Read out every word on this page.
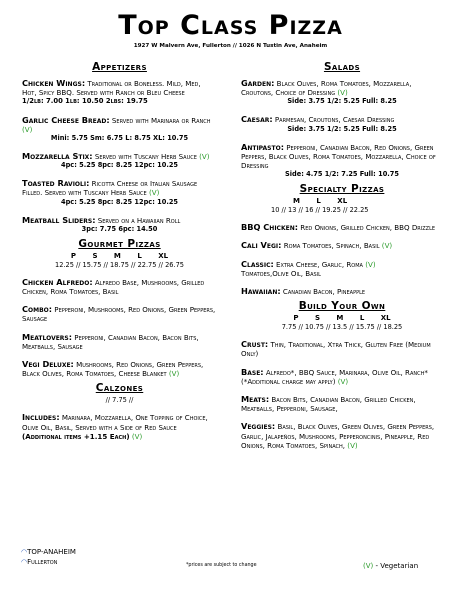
Top Class Pizza
1927 W Malvern Ave, Fullerton // 1026 N Tustin Ave, Anaheim
Appetizers
Chicken Wings: Traditional or Boneless. Mild, Med, Hot, Spicy BBQ. Served with Ranch or Bleu Cheese
1/2lb: 7.00 1lb: 10.50 2lbs: 19.75
Garlic Cheese Bread: Served with Marinara or Ranch (V)
Mini: 5.75 Sm: 6.75 L: 8.75 XL: 10.75
Mozzarella Stix: Served with Tuscany Herb Sauce (V)
4pc: 5.25 8pc: 8.25 12pc: 10.25
Toasted Ravioli: Ricotta Cheese or Italian Sausage Filled. Served with Tuscany Herb Sauce (V)
4pc: 5.25 8pc: 8.25 12pc: 10.25
Meatball Sliders: Served on a Hawaiian Roll
3pc: 7.75 6pc: 14.50
Gourmet Pizzas
P S M L XL
12.25 // 15.75 // 18.75 // 22.75 // 26.75
Chicken Alfredo: Alfredo Base, Mushrooms, Grilled Chicken, Roma Tomatoes, Basil
Combo: Pepperoni, Mushrooms, Red Onions, Green Peppers, Sausage
Meatlovers: Pepperoni, Canadian Bacon, Bacon Bits, Meatballs, Sausage
Vegi Deluxe: Mushrooms, Red Onions, Green Peppers, Black Olives, Roma Tomatoes, Cheese Blanket (V)
Calzones
// 7.75 //
Includes: Marinara, Mozzarella, One Topping of Choice, Olive Oil, Basil, Served with a Side of Red Sauce
(Additional items +1.15 Each) (V)
Salads
Garden: Black Olives, Roma Tomatoes, Mozzarella, Croutons, Choice of Dressing (V)
Side: 3.75 1/2: 5.25 Full: 8.25
Caesar: Parmesan, Croutons, Caesar Dressing
Side: 3.75 1/2: 5.25 Full: 8.25
Antipasto: Pepperoni, Canadian Bacon, Red Onions, Green Peppers, Black Olives, Roma Tomatoes, Mozzarella, Choice of Dressing
Side: 4.75 1/2: 7.25 Full: 10.75
Specialty Pizzas
M L XL
10 // 13 // 16 // 19.25 // 22.25
BBQ Chicken: Red Onions, Grilled Chicken, BBQ Drizzle
Cali Vegi: Roma Tomatoes, Spinach, Basil (V)
Classic: Extra Cheese, Garlic, Roma (V)
Tomatoes,Olive Oil, Basil
Hawaiian: Canadian Bacon, Pineapple
Build Your Own
P S M L XL
7.75 // 10.75 // 13.5 // 15.75 // 18.25
Crust: Thin, Traditional, Xtra Thick, Gluten Free (Medium Only)
Base: Alfredo*, BBQ Sauce, Marinara, Olive Oil, Ranch*(*Additional charge may apply) (V)
Meats: Bacon Bits, Canadian Bacon, Grilled Chicken, Meatballs, Pepperoni, Sausage,
Veggies: Basil, Black Olives, Green Olives, Green Peppers, Garlic, Jalapeños, Mushrooms, Pepperoncinis, Pineapple, Red Onions, Roma Tomatoes, Spinach, (V)
◠TOP-ANAHEIM
◠Fullerton	*prices are subject to change	(V) - Vegetarian
